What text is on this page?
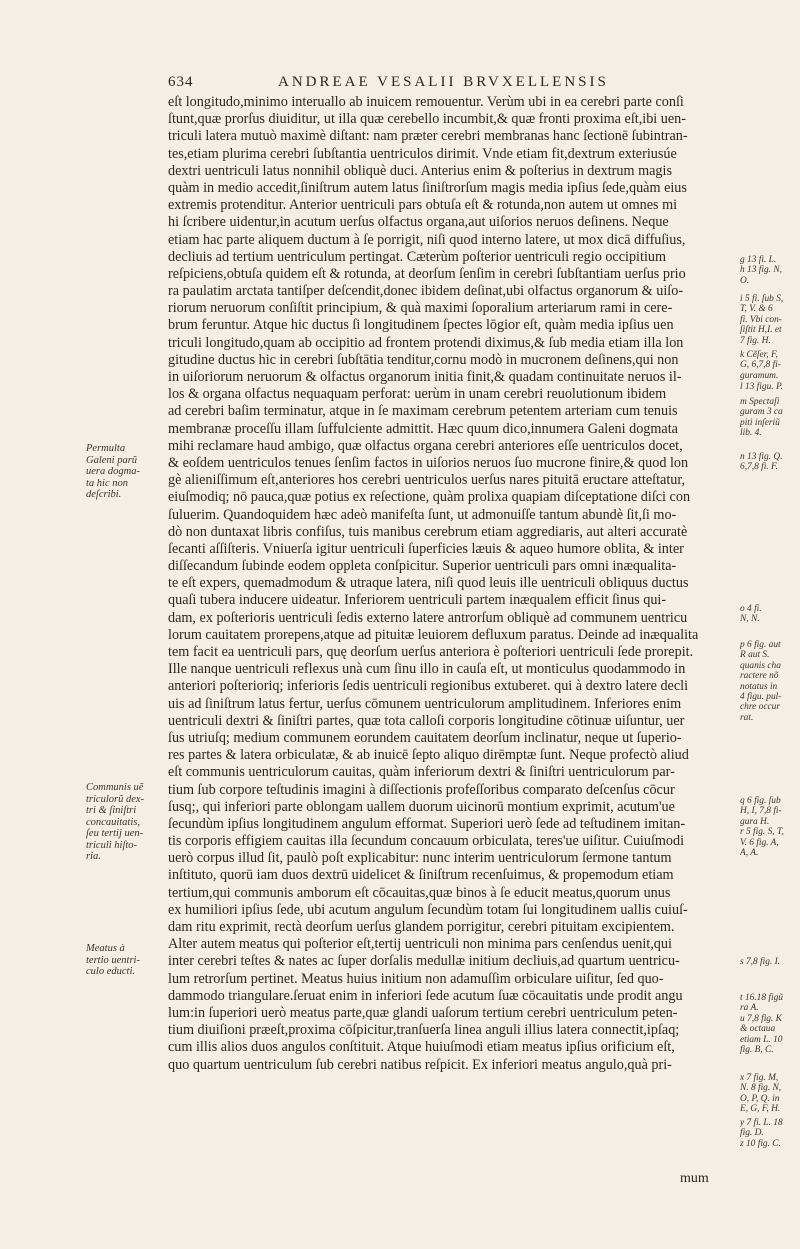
634	ANDREAE VESALII BRVXELLENSIS
eſt longitudo,minimo interuallo ab inuicem remouentur. Verùm ubi in ea cerebri parte conſi
ſtunt,quæ prorſus diuiditur, ut illa quæ cerebello incumbit,& quæ fronti proxima eſt,ibi uen-
triculi latera mutuò maximè diſtant: nam præter cerebri membranas hanc ſectionē ſubintran-
tes,etiam plurima cerebri ſubſtantia uentriculos dirimit. Vnde etiam fit,dextrum exteriusúe
dextri uentriculi latus nonnihil obliquè duci. Anterius enim & poſterius in dextrum magis
quàm in medio accedit,ſiniſtrum autem latus ſiniſtrorſum magis media ipſius ſede,quàm eius
extremis protenditur. Anterior uentriculi pars obtuſa eſt & rotunda,non autem ut omnes mi
hi ſcribere uidentur,in acutum uerſus olfactus organa,aut uiſorios neruos deſinens. Neque
etiam hac parte aliquem ductum à ſe porrigit, niſi quod interno latere, ut mox dicā diffuſius,
decliuis ad tertium uentriculum pertingat. Cæterùm poſterior uentriculi regio occipitium
reſpiciens,obtuſa quidem eſt & rotunda, at deorſum ſenſim in cerebri ſubſtantiam uerſus prio
ra paulatim arctata tantiſper deſcendit,donec ibidem deſinat,ubi olfactus organorum & uiſo-
riorum neruorum conſiſtit principium, & quà maximi ſoporalium arteriarum rami in cere-
brum feruntur. Atque hic ductus ſi longitudinem ſpectes lōgior eſt, quàm media ipſius uen
triculi longitudo,quam ab occipitio ad frontem protendi diximus,& ſub media etiam illa lon
gitudine ductus hic in cerebri ſubſtātia tenditur,cornu modò in mucronem deſinens,qui non
in uiſoriorum neruorum & olfactus organorum initia finit,& quadam continuitate neruos il-
los & organa olfactus nequaquam perforat: uerùm in unam cerebri reuolutionum ibidem
ad cerebri baſim terminatur, atque in ſe maximam cerebrum petentem arteriam cum tenuis
membranæ proceſſu illam ſuffulciente admittit. Hæc quum dico,innumera Galeni dogmata
mihi reclamare haud ambigo, quæ olfactus organa cerebri anteriores eſſe uentriculos docet,
& eoſdem uentriculos tenues ſenſim factos in uiſorios neruos ſuo mucrone finire,& quod lon
gè alieniſſimum eſt,anteriores hos cerebri uentriculos uerſus nares pituitā eructare atteſtatur,
eiuſmodiq; nō pauca,quæ potius ex reſectione, quàm prolixa quapiam diſceptatione diſci con
ſuluerim. Quandoquidem hæc adeò manifeſta ſunt, ut admonuiſſe tantum abundè ſit,ſi mo-
dò non duntaxat libris confiſus, tuis manibus cerebrum etiam aggrediaris, aut alteri accuratè
ſecanti aſſiſteris. Vniuerſa igitur uentriculi ſuperficies læuis & aqueo humore oblita, & inter
diſſecandum ſubinde eodem oppleta conſpicitur. Superior uentriculi pars omni inæqualita-
te eſt expers, quemadmodum & utraque latera, niſi quod leuis ille uentriculi obliquus ductus
quaſi tubera inducere uideatur. Inferiorem uentriculi partem inæqualem efficit ſinus qui-
dam, ex poſterioris uentriculi ſedis externo latere antrorſum obliquè ad communem uentricu
lorum cauitatem prorepens,atque ad pituitæ leuiorem defluxum paratus. Deinde ad inæqualita
tem facit ea uentriculi pars, quę deorſum uerſus anteriora è poſteriori uentriculi ſede prorepit.
Ille nanque uentriculi reflexus unà cum ſinu illo in cauſa eſt, ut monticulus quodammodo in
anteriori poſterioriq; inferioris ſedis uentriculi regionibus extuberet. qui à dextro latere decli
uis ad ſiniſtrum latus fertur, uerſus cōmunem uentriculorum amplitudinem. Inferiores enim
uentriculi dextri & ſiniſtri partes, quæ tota calloſi corporis longitudine cōtinuæ uiſuntur, uer
ſus utriuſq; medium communem eorundem cauitatem deorſum inclinatur, neque ut ſuperio-
res partes & latera orbiculatæ, & ab inuicē ſepto aliquo dirēmptæ ſunt. Neque profectò aliud
eſt communis uentriculorum cauitas, quàm inferiorum dextri & ſiniſtri uentriculorum par-
tium ſub corpore teſtudinis imagini à diſſectionis profeſſoribus comparato deſcenſus cōcur
ſusq;, qui inferiori parte oblongam uallem duorum uicinorū montium exprimit, acutum'ue
ſecundùm ipſius longitudinem angulum efformat. Superiori uerò ſede ad teſtudinem imitan-
tis corporis effigiem cauitas illa ſecundum concauum orbiculata, teres'ue uiſitur. Cuiuſmodi
uerò corpus illud ſit, paulò poſt explicabitur: nunc interim uentriculorum ſermone tantum
inſtituto, quorū iam duos dextrū uidelicet & ſiniſtrum recenſuimus, & propemodum etiam
tertium,qui communis amborum eſt cōcauitas,quæ binos à ſe educit meatus,quorum unus
ex humiliori ipſius ſede, ubi acutum angulum ſecundùm totam ſui longitudinem uallis cuiuſ-
dam ritu exprimit, rectà deorſum uerſus glandem porrigitur, cerebri pituitam excipientem.
Alter autem meatus qui poſterior eſt,tertij uentriculi non minima pars cenſendus uenit,qui
inter cerebri teſtes & nates ac ſuper dorſalis medullæ initium decliuis,ad quartum uentricu-
lum retrorſum pertinet. Meatus huius initium non adamuſſim orbiculare uiſitur, ſed quo-
dammodo triangulare.ſeruat enim in inferiori ſede acutum ſuæ cōcauitatis unde prodit angu
lum:in ſuperiori uerò meatus parte,quæ glandi uaſorum tertium cerebri uentriculum peten-
tium diuiſioni præeſt,proxima cōſpicitur,tranſuerſa linea anguli illius latera connectit,ipſaq;
cum illis alios duos angulos conſtituit. Atque huiuſmodi etiam meatus ipſius orificium eſt,
quo quartum uentriculum ſub cerebri natibus reſpicit. Ex inferiori meatus angulo,quà pri-
Permulta
Galeni parũ
uera dogma-
ta hic non
deſcribi.
Communis uẽ
triculorũ dex-
tri & ſiniſtri
concauitatis,
ſeu tertij uen-
triculi hiſto-
ria.
Meatus à
tertio uentri-
culo educti.
g 13 fi. L.
h 13 fig. N,
O.
i 5 fi. ſub S,
T, V. & 6
fi. Vbi con-
ſiſtit H,I. et
7 fig. H.
k Cẽſer, F,
G, 6,7,8 fi-
guramum.
l 13 figu. P.
m Spectaſi
guram 3 ca
piti inſeriũ
lib. 4.
n 13 fig. Q.
6,7,8 fi. F.
o 4 fi.
N, N.
p 6 fig. aut
R aut S.
quanis cha
ractere nõ
notatus in
4 figu. pul-
chre occur
rat.
q 6 fig. ſub
H, I, 7,8 fi-
gura H.
r 5 fig. S, T,
V. 6 fig. A,
A, A.
s 7,8 fig. I.
t 16.18 figũ
ra A.
u 7,8 fig. K
& octaua
etiam L. 10
fig. B, C.
x 7 fig. M,
N. 8 fig. N,
O, P, Q. in
E, G, F, H.
y 7 fi. L. 18
fig. D.
z 10 fig. C.
mum
